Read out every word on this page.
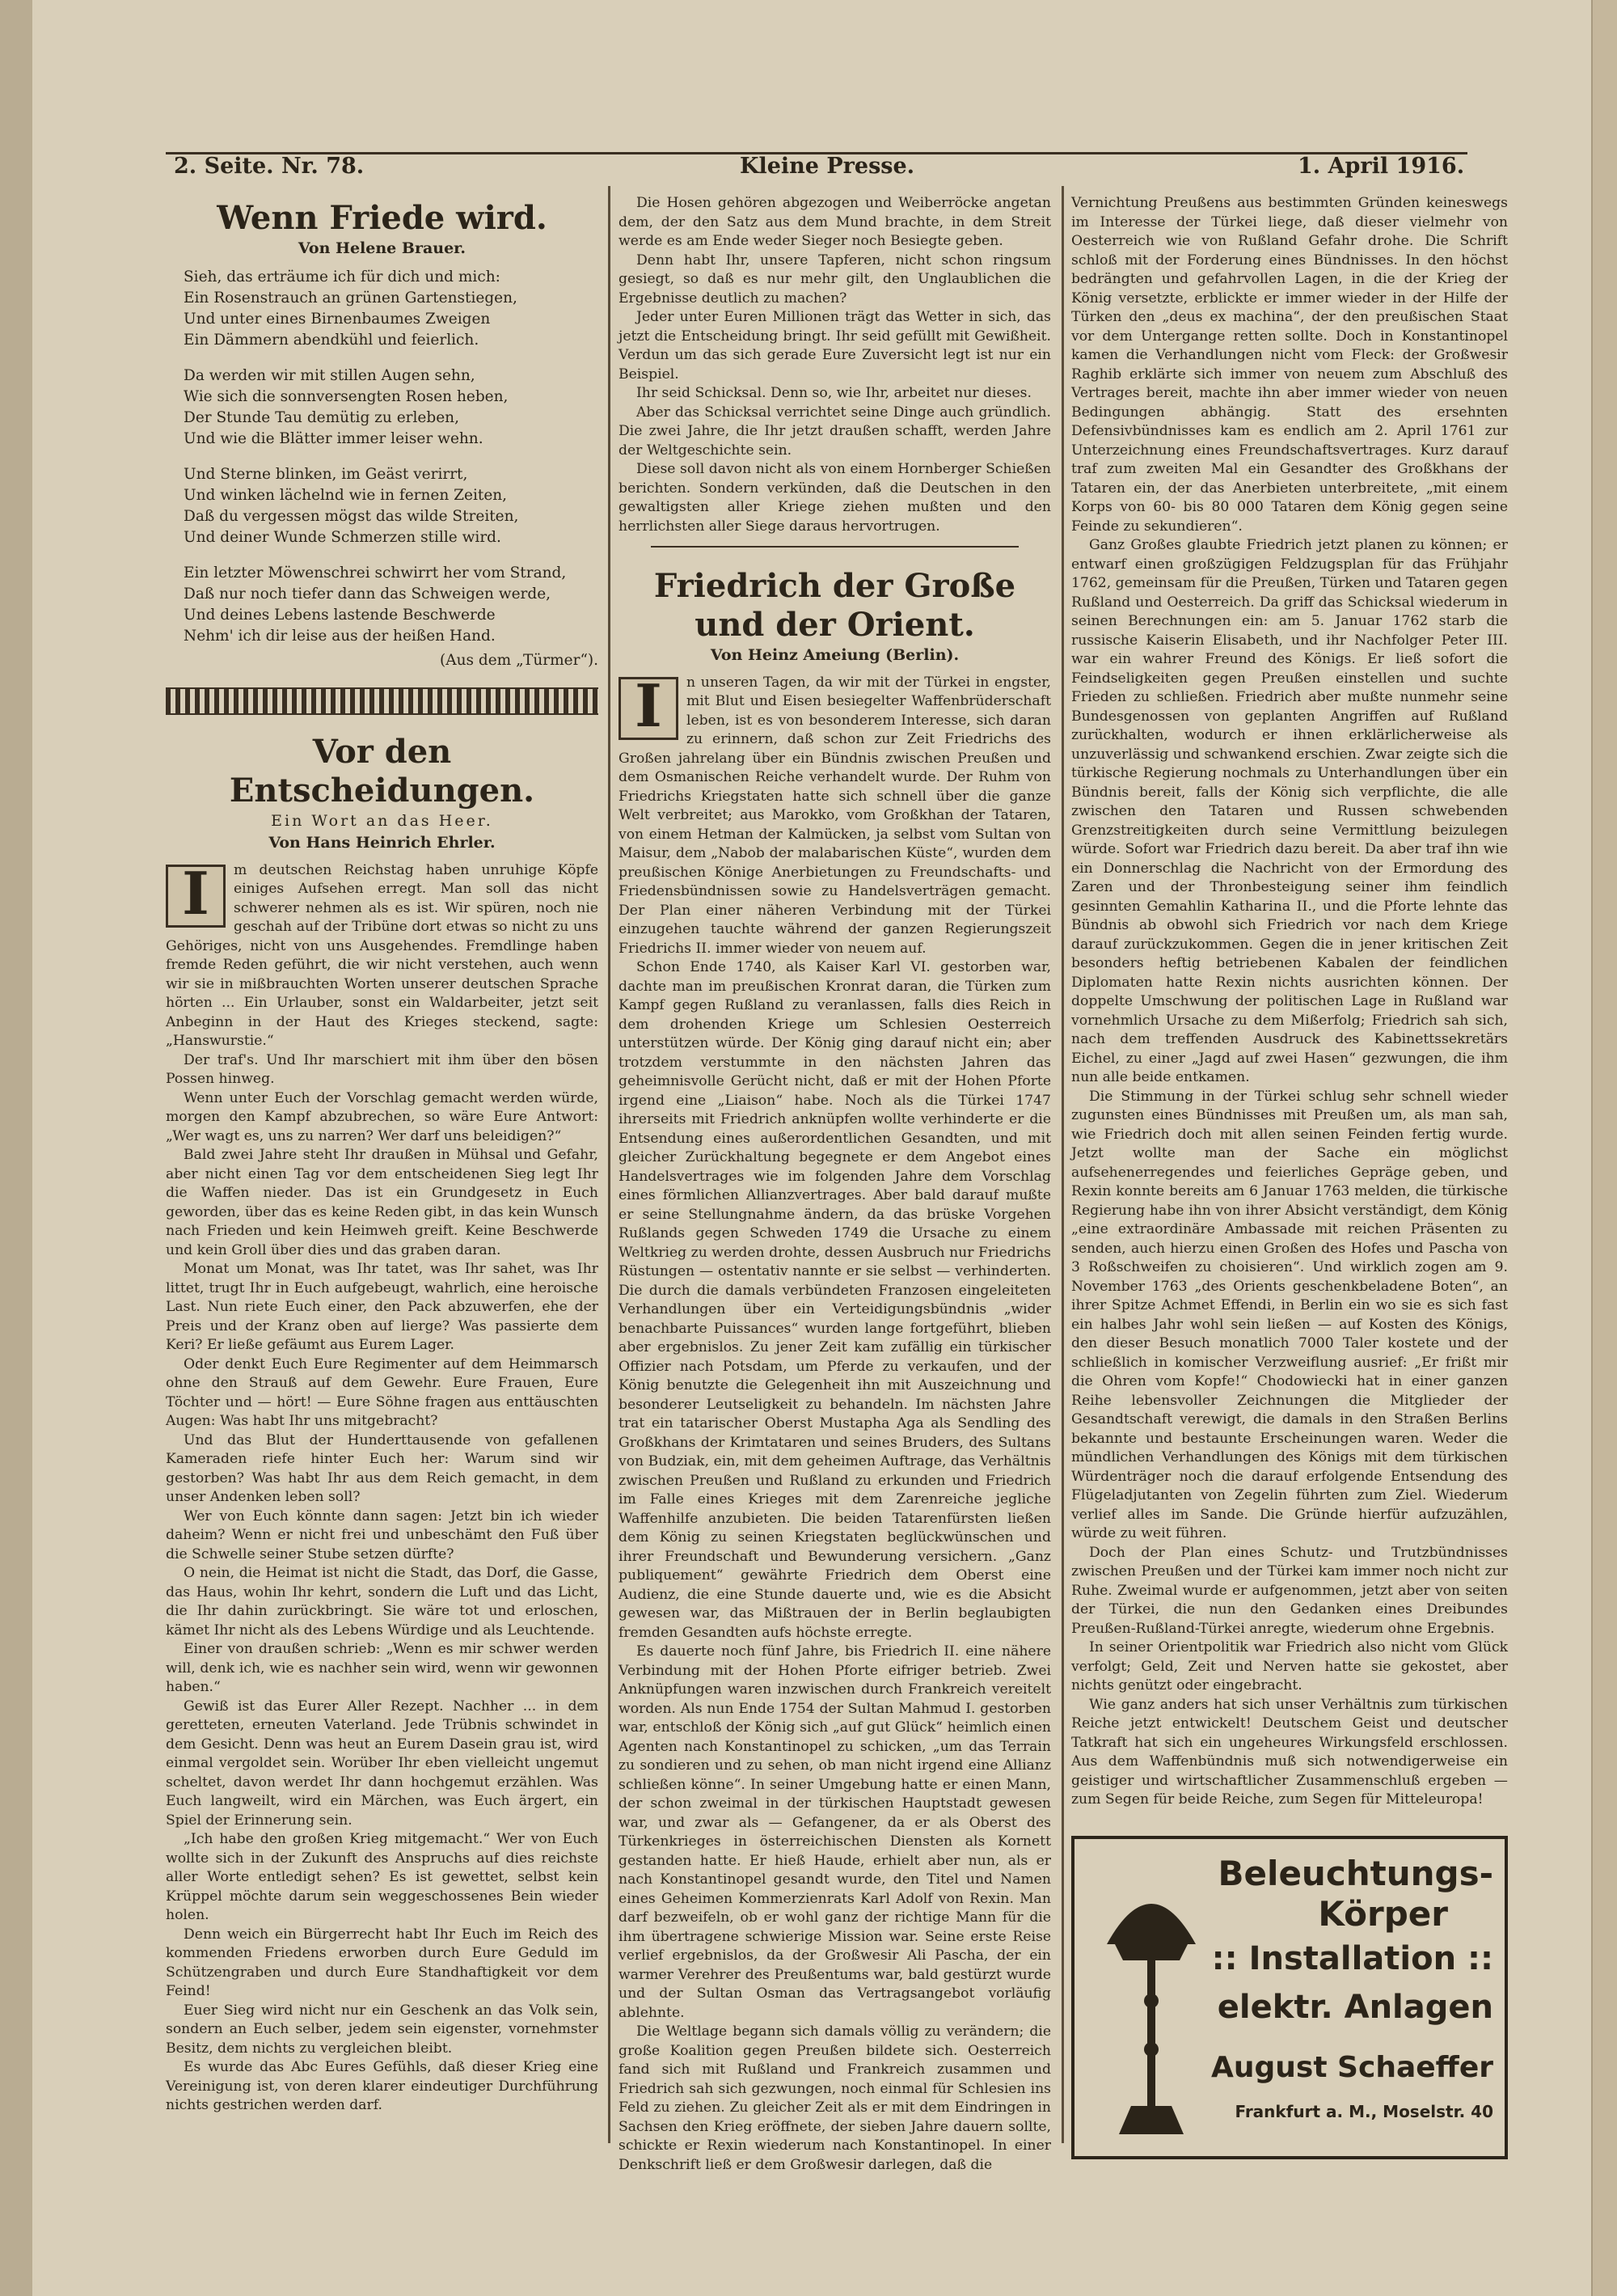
2. Seite. Nr. 78.	Kleine Presse.	1. April 1916.
Wenn Friede wird.
Von Helene Brauer.
Sieh, das erträume ich für dich und mich:
Ein Rosenstrauch an grünen Gartenstiegen,
Und unter eines Birnenbaumes Zweigen
Ein Dämmern abendkühl und feierlich.
Da werden wir mit stillen Augen sehn,
Wie sich die sonnversengten Rosen heben,
Der Stunde Tau demütig zu erleben,
Und wie die Blätter immer leiser wehn.
Und Sterne blinken, im Geäst verirrt,
Und winken lächelnd wie in fernen Zeiten,
Daß du vergessen mögst das wilde Streiten,
Und deiner Wunde Schmerzen stille wird.
Ein letzter Möwenschrei schwirrt her vom Strand,
Daß nur noch tiefer dann das Schweigen werde,
Und deines Lebens lastende Beschwerde
Nehm' ich dir leise aus der heißen Hand.
(Aus dem „Türmer“).
Vor den Entscheidungen.
Ein Wort an das Heer.
Von Hans Heinrich Ehrler.
I	m deutschen Reichstag haben unruhige Köpfe einiges Aufsehen erregt. Man soll das nicht schwerer nehmen als es ist. Wir spüren, noch nie geschah auf der Tribüne dort etwas so nicht zu uns Gehöriges, nicht von uns Ausgehendes. Fremdlinge haben fremde Reden geführt, die wir nicht verstehen, auch wenn wir sie in mißbrauchten Worten unserer deutschen Sprache hörten ... Ein Urlauber, sonst ein Waldarbeiter, jetzt seit Anbeginn in der Haut des Krieges steckend, sagte: „Hanswurstie.“

Der traf's. Und Ihr marschiert mit ihm über den bösen Possen hinweg.

Wenn unter Euch der Vorschlag gemacht werden würde, morgen den Kampf abzubrechen, so wäre Eure Antwort: „Wer wagt es, uns zu narren? Wer darf uns beleidigen?“

Bald zwei Jahre steht Ihr draußen in Mühsal und Gefahr, aber nicht einen Tag vor dem entscheidenen Sieg legt Ihr die Waffen nieder. Das ist ein Grundgesetz in Euch geworden, über das es keine Reden gibt, in das kein Wunsch nach Frieden und kein Heimweh greift. Keine Beschwerde und kein Groll über dies und das graben daran.

Monat um Monat, was Ihr tatet, was Ihr sahet, was Ihr littet, trugt Ihr in Euch aufgebeugt, wahrlich, eine heroische Last. Nun riete Euch einer, den Pack abzuwerfen, ehe der Preis und der Kranz oben auf lierge? Was passierte dem Keri? Er ließe gefäumt aus Eurem Lager.

Oder denkt Euch Eure Regimenter auf dem Heimmarsch ohne den Strauß auf dem Gewehr. Eure Frauen, Eure Töchter und — hört! — Eure Söhne fragen aus enttäuschten Augen: Was habt Ihr uns mitgebracht?

Und das Blut der Hunderttausende von gefallenen Kameraden riefe hinter Euch her: Warum sind wir gestorben? Was habt Ihr aus dem Reich gemacht, in dem unser Andenken leben soll?

Wer von Euch könnte dann sagen: Jetzt bin ich wieder daheim? Wenn er nicht frei und unbeschämt den Fuß über die Schwelle seiner Stube setzen dürfte?

O nein, die Heimat ist nicht die Stadt, das Dorf, die Gasse, das Haus, wohin Ihr kehrt, sondern die Luft und das Licht, die Ihr dahin zurückbringt. Sie wäre tot und erloschen, kämet Ihr nicht als des Lebens Würdige und als Leuchtende.

Einer von draußen schrieb: „Wenn es mir schwer werden will, denk ich, wie es nachher sein wird, wenn wir gewonnen haben.“

Gewiß ist das Eurer Aller Rezept. Nachher ... in dem geretteten, erneuten Vaterland. Jede Trübnis schwindet in dem Gesicht. Denn was heut an Eurem Dasein grau ist, wird einmal vergoldet sein. Worüber Ihr eben vielleicht ungemut scheltet, davon werdet Ihr dann hochgemut erzählen. Was Euch langweilt, wird ein Märchen, was Euch ärgert, ein Spiel der Erinnerung sein.

„Ich habe den großen Krieg mitgemacht.“ Wer von Euch wollte sich in der Zukunft des Anspruchs auf dies reichste aller Worte entledigt sehen? Es ist gewettet, selbst kein Krüppel möchte darum sein weggeschossenes Bein wieder holen.

Denn weich ein Bürgerrecht habt Ihr Euch im Reich des kommenden Friedens erworben durch Eure Geduld im Schützengraben und durch Eure Standhaftigkeit vor dem Feind!

Euer Sieg wird nicht nur ein Geschenk an das Volk sein, sondern an Euch selber, jedem sein eigenster, vornehmster Besitz, dem nichts zu vergleichen bleibt.

Es wurde das Abc Eures Gefühls, daß dieser Krieg eine Vereinigung ist, von deren klarer eindeutiger Durchführung nichts gestrichen werden darf.

Die Hosen gehören abgezogen und Weiberröcke angetan dem, der den Satz aus dem Mund brachte, in dem Streit werde es am Ende weder Sieger noch Besiegte geben.

Denn habt Ihr, unsere Tapferen, nicht schon ringsum gesiegt, so daß es nur mehr gilt, den Unglaublichen die Ergebnisse deutlich zu machen?

Jeder unter Euren Millionen trägt das Wetter in sich, das jetzt die Entscheidung bringt. Ihr seid gefüllt mit Gewißheit. Verdun um das sich gerade Eure Zuversicht legt ist nur ein Beispiel.

Ihr seid Schicksal. Denn so, wie Ihr, arbeitet nur dieses.

Aber das Schicksal verrichtet seine Dinge auch gründlich. Die zwei Jahre, die Ihr jetzt draußen schafft, werden Jahre der Weltgeschichte sein.

Diese soll davon nicht als von einem Hornberger Schießen berichten. Sondern verkünden, daß die Deutschen in den gewaltigsten aller Kriege ziehen mußten und den herrlichsten aller Siege daraus hervortrugen.

Friedrich der Große und der Orient.
Von Heinz Ameiung (Berlin).
I	n unseren Tagen, da wir mit der Türkei in engster, mit Blut und Eisen besiegelter Waffenbrüderschaft leben, ist es von besonderem Interesse, sich daran zu erinnern, daß schon zur Zeit Friedrichs des Großen jahrelang über ein Bündnis zwischen Preußen und dem Osmanischen Reiche verhandelt wurde. Der Ruhm von Friedrichs Kriegstaten hatte sich schnell über die ganze Welt verbreitet; aus Marokko, vom Großkhan der Tataren, von einem Hetman der Kalmücken, ja selbst vom Sultan von Maisur, dem „Nabob der malabarischen Küste“, wurden dem preußischen Könige Anerbietungen zu Freundschafts- und Friedensbündnissen sowie zu Handelsverträgen gemacht. Der Plan einer näheren Verbindung mit der Türkei einzugehen tauchte während der ganzen Regierungszeit Friedrichs II. immer wieder von neuem auf.

Schon Ende 1740, als Kaiser Karl VI. gestorben war, dachte man im preußischen Kronrat daran, die Türken zum Kampf gegen Rußland zu veranlassen, falls dies Reich in dem drohenden Kriege um Schlesien Oesterreich unterstützen würde. Der König ging darauf nicht ein; aber trotzdem verstummte in den nächsten Jahren das geheimnisvolle Gerücht nicht, daß er mit der Hohen Pforte irgend eine „Liaison“ habe. Noch als die Türkei 1747 ihrerseits mit Friedrich anknüpfen wollte verhinderte er die Entsendung eines außerordentlichen Gesandten, und mit gleicher Zurückhaltung begegnete er dem Angebot eines Handelsvertrages wie im folgenden Jahre dem Vorschlag eines förmlichen Allianzvertrages. Aber bald darauf mußte er seine Stellungnahme ändern, da das brüske Vorgehen Rußlands gegen Schweden 1749 die Ursache zu einem Weltkrieg zu werden drohte, dessen Ausbruch nur Friedrichs Rüstungen — ostentativ nannte er sie selbst — verhinderten. Die durch die damals verbündeten Franzosen eingeleiteten Verhandlungen über ein Verteidigungsbündnis „wider benachbarte Puissances“ wurden lange fortgeführt, blieben aber ergebnislos. Zu jener Zeit kam zufällig ein türkischer Offizier nach Potsdam, um Pferde zu verkaufen, und der König benutzte die Gelegenheit ihn mit Auszeichnung und besonderer Leutseligkeit zu behandeln. Im nächsten Jahre trat ein tatarischer Oberst Mustapha Aga als Sendling des Großkhans der Krimtataren und seines Bruders, des Sultans von Budziak, ein, mit dem geheimen Auftrage, das Verhältnis zwischen Preußen und Rußland zu erkunden und Friedrich im Falle eines Krieges mit dem Zarenreiche jegliche Waffenhilfe anzubieten. Die beiden Tatarenfürsten ließen dem König zu seinen Kriegstaten beglückwünschen und ihrer Freundschaft und Bewunderung versichern. „Ganz publiquement“ gewährte Friedrich dem Oberst eine Audienz, die eine Stunde dauerte und, wie es die Absicht gewesen war, das Mißtrauen der in Berlin beglaubigten fremden Gesandten aufs höchste erregte.

Es dauerte noch fünf Jahre, bis Friedrich II. eine nähere Verbindung mit der Hohen Pforte eifriger betrieb. Zwei Anknüpfungen waren inzwischen durch Frankreich vereitelt worden. Als nun Ende 1754 der Sultan Mahmud I. gestorben war, entschloß der König sich „auf gut Glück“ heimlich einen Agenten nach Konstantinopel zu schicken, „um das Terrain zu sondieren und zu sehen, ob man nicht irgend eine Allianz schließen könne“. In seiner Umgebung hatte er einen Mann, der schon zweimal in der türkischen Hauptstadt gewesen war, und zwar als — Gefangener, da er als Oberst des Türkenkrieges in österreichischen Diensten als Kornett gestanden hatte. Er hieß Haude, erhielt aber nun, als er nach Konstantinopel gesandt wurde, den Titel und Namen eines Geheimen Kommerzienrats Karl Adolf von Rexin. Man darf bezweifeln, ob er wohl ganz der richtige Mann für die ihm übertragene schwierige Mission war. Seine erste Reise verlief ergebnislos, da der Großwesir Ali Pascha, der ein warmer Verehrer des Preußentums war, bald gestürzt wurde und der Sultan Osman das Vertragsangebot vorläufig ablehnte.

Die Weltlage begann sich damals völlig zu verändern; die große Koalition gegen Preußen bildete sich. Oesterreich fand sich mit Rußland und Frankreich zusammen und Friedrich sah sich gezwungen, noch einmal für Schlesien ins Feld zu ziehen. Zu gleicher Zeit als er mit dem Eindringen in Sachsen den Krieg eröffnete, der sieben Jahre dauern sollte, schickte er Rexin wiederum nach Konstantinopel. In einer Denkschrift ließ er dem Großwesir darlegen, daß die

Vernichtung Preußens aus bestimmten Gründen keineswegs im Interesse der Türkei liege, daß dieser vielmehr von Oesterreich wie von Rußland Gefahr drohe. Die Schrift schloß mit der Forderung eines Bündnisses. In den höchst bedrängten und gefahrvollen Lagen, in die der Krieg der König versetzte, erblickte er immer wieder in der Hilfe der Türken den „deus ex machina“, der den preußischen Staat vor dem Untergange retten sollte. Doch in Konstantinopel kamen die Verhandlungen nicht vom Fleck: der Großwesir Raghib erklärte sich immer von neuem zum Abschluß des Vertrages bereit, machte ihn aber immer wieder von neuen Bedingungen abhängig. Statt des ersehnten Defensivbündnisses kam es endlich am 2. April 1761 zur Unterzeichnung eines Freundschaftsvertrages. Kurz darauf traf zum zweiten Mal ein Gesandter des Großkhans der Tataren ein, der das Anerbieten unterbreitete, „mit einem Korps von 60- bis 80 000 Tataren dem König gegen seine Feinde zu sekundieren“.

Ganz Großes glaubte Friedrich jetzt planen zu können; er entwarf einen großzügigen Feldzugsplan für das Frühjahr 1762, gemeinsam für die Preußen, Türken und Tataren gegen Rußland und Oesterreich. Da griff das Schicksal wiederum in seinen Berechnungen ein: am 5. Januar 1762 starb die russische Kaiserin Elisabeth, und ihr Nachfolger Peter III. war ein wahrer Freund des Königs. Er ließ sofort die Feindseligkeiten gegen Preußen einstellen und suchte Frieden zu schließen. Friedrich aber mußte nunmehr seine Bundesgenossen von geplanten Angriffen auf Rußland zurückhalten, wodurch er ihnen erklärlicherweise als unzuverlässig und schwankend erschien. Zwar zeigte sich die türkische Regierung nochmals zu Unterhandlungen über ein Bündnis bereit, falls der König sich verpflichte, die alle zwischen den Tataren und Russen schwebenden Grenzstreitigkeiten durch seine Vermittlung beizulegen würde. Sofort war Friedrich dazu bereit. Da aber traf ihn wie ein Donnerschlag die Nachricht von der Ermordung des Zaren und der Thronbesteigung seiner ihm feindlich gesinnten Gemahlin Katharina II., und die Pforte lehnte das Bündnis ab obwohl sich Friedrich vor nach dem Kriege darauf zurückzukommen. Gegen die in jener kritischen Zeit besonders heftig betriebenen Kabalen der feindlichen Diplomaten hatte Rexin nichts ausrichten können. Der doppelte Umschwung der politischen Lage in Rußland war vornehmlich Ursache zu dem Mißerfolg; Friedrich sah sich, nach dem treffenden Ausdruck des Kabinettssekretärs Eichel, zu einer „Jagd auf zwei Hasen“ gezwungen, die ihm nun alle beide entkamen.

Die Stimmung in der Türkei schlug sehr schnell wieder zugunsten eines Bündnisses mit Preußen um, als man sah, wie Friedrich doch mit allen seinen Feinden fertig wurde. Jetzt wollte man der Sache ein möglichst aufsehenerregendes und feierliches Gepräge geben, und Rexin konnte bereits am 6 Januar 1763 melden, die türkische Regierung habe ihn von ihrer Absicht verständigt, dem König „eine extraordinäre Ambassade mit reichen Präsenten zu senden, auch hierzu einen Großen des Hofes und Pascha von 3 Roßschweifen zu choisieren“. Und wirklich zogen am 9. November 1763 „des Orients geschenkbeladene Boten“, an ihrer Spitze Achmet Effendi, in Berlin ein wo sie es sich fast ein halbes Jahr wohl sein ließen — auf Kosten des Königs, den dieser Besuch monatlich 7000 Taler kostete und der schließlich in komischer Verzweiflung ausrief: „Er frißt mir die Ohren vom Kopfe!“ Chodowiecki hat in einer ganzen Reihe lebensvoller Zeichnungen die Mitglieder der Gesandtschaft verewigt, die damals in den Straßen Berlins bekannte und bestaunte Erscheinungen waren. Weder die mündlichen Verhandlungen des Königs mit dem türkischen Würdenträger noch die darauf erfolgende Entsendung des Flügeladjutanten von Zegelin führten zum Ziel. Wiederum verlief alles im Sande. Die Gründe hierfür aufzuzählen, würde zu weit führen.

Doch der Plan eines Schutz- und Trutzbündnisses zwischen Preußen und der Türkei kam immer noch nicht zur Ruhe. Zweimal wurde er aufgenommen, jetzt aber von seiten der Türkei, die nun den Gedanken eines Dreibundes Preußen-Rußland-Türkei anregte, wiederum ohne Ergebnis.

In seiner Orientpolitik war Friedrich also nicht vom Glück verfolgt; Geld, Zeit und Nerven hatte sie gekostet, aber nichts genützt oder eingebracht.

Wie ganz anders hat sich unser Verhältnis zum türkischen Reiche jetzt entwickelt! Deutschem Geist und deutscher Tatkraft hat sich ein ungeheures Wirkungsfeld erschlossen. Aus dem Waffenbündnis muß sich notwendigerweise ein geistiger und wirtschaftlicher Zusammenschluß ergeben — zum Segen für beide Reiche, zum Segen für Mitteleuropa!

Beleuchtungs-
Körper
:: Installation ::
elektr. Anlagen
August Schaeffer
Frankfurt a. M., Moselstr. 40
